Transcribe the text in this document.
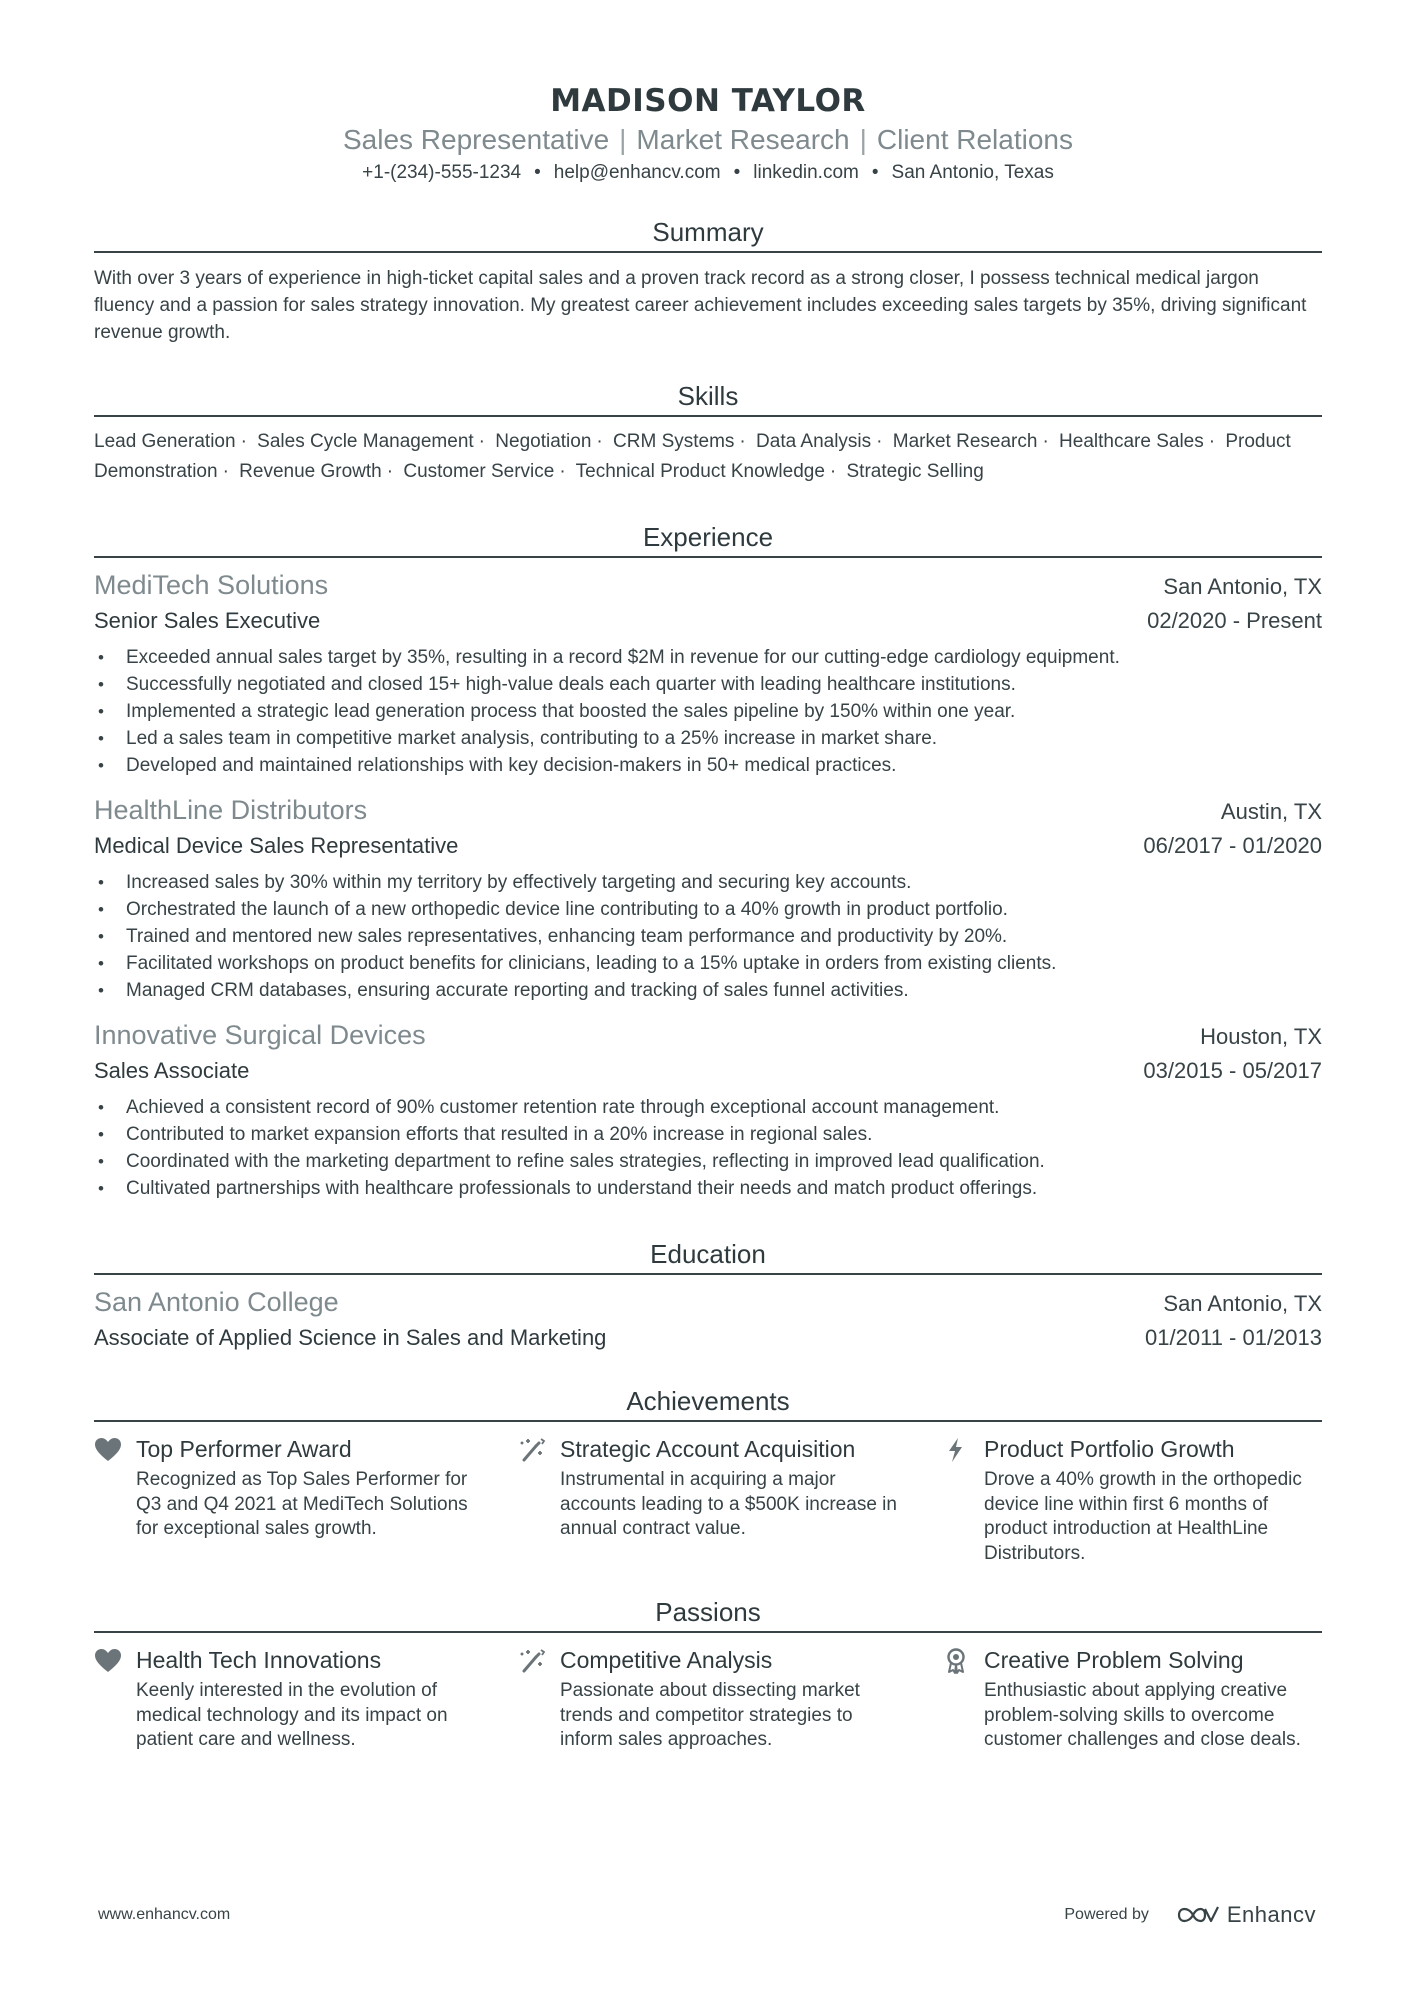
MADISON TAYLOR
Sales Representative | Market Research | Client Relations
+1-(234)-555-1234 • help@enhancv.com • linkedin.com • San Antonio, Texas
Summary
With over 3 years of experience in high-ticket capital sales and a proven track record as a strong closer, I possess technical medical jargon fluency and a passion for sales strategy innovation. My greatest career achievement includes exceeding sales targets by 35%, driving significant revenue growth.
Skills
Lead Generation · Sales Cycle Management · Negotiation · CRM Systems · Data Analysis · Market Research · Healthcare Sales · Product Demonstration · Revenue Growth · Customer Service · Technical Product Knowledge · Strategic Selling
Experience
MediTech Solutions	San Antonio, TX
Senior Sales Executive	02/2020 - Present
• Exceeded annual sales target by 35%, resulting in a record $2M in revenue for our cutting-edge cardiology equipment.
• Successfully negotiated and closed 15+ high-value deals each quarter with leading healthcare institutions.
• Implemented a strategic lead generation process that boosted the sales pipeline by 150% within one year.
• Led a sales team in competitive market analysis, contributing to a 25% increase in market share.
• Developed and maintained relationships with key decision-makers in 50+ medical practices.
HealthLine Distributors	Austin, TX
Medical Device Sales Representative	06/2017 - 01/2020
• Increased sales by 30% within my territory by effectively targeting and securing key accounts.
• Orchestrated the launch of a new orthopedic device line contributing to a 40% growth in product portfolio.
• Trained and mentored new sales representatives, enhancing team performance and productivity by 20%.
• Facilitated workshops on product benefits for clinicians, leading to a 15% uptake in orders from existing clients.
• Managed CRM databases, ensuring accurate reporting and tracking of sales funnel activities.
Innovative Surgical Devices	Houston, TX
Sales Associate	03/2015 - 05/2017
• Achieved a consistent record of 90% customer retention rate through exceptional account management.
• Contributed to market expansion efforts that resulted in a 20% increase in regional sales.
• Coordinated with the marketing department to refine sales strategies, reflecting in improved lead qualification.
• Cultivated partnerships with healthcare professionals to understand their needs and match product offerings.
Education
San Antonio College	San Antonio, TX
Associate of Applied Science in Sales and Marketing	01/2011 - 01/2013
Achievements
Top Performer Award
Recognized as Top Sales Performer for Q3 and Q4 2021 at MediTech Solutions for exceptional sales growth.
Strategic Account Acquisition
Instrumental in acquiring a major accounts leading to a $500K increase in annual contract value.
Product Portfolio Growth
Drove a 40% growth in the orthopedic device line within first 6 months of product introduction at HealthLine Distributors.
Passions
Health Tech Innovations
Keenly interested in the evolution of medical technology and its impact on patient care and wellness.
Competitive Analysis
Passionate about dissecting market trends and competitor strategies to inform sales approaches.
Creative Problem Solving
Enthusiastic about applying creative problem-solving skills to overcome customer challenges and close deals.
www.enhancv.com	Powered by	Enhancv
